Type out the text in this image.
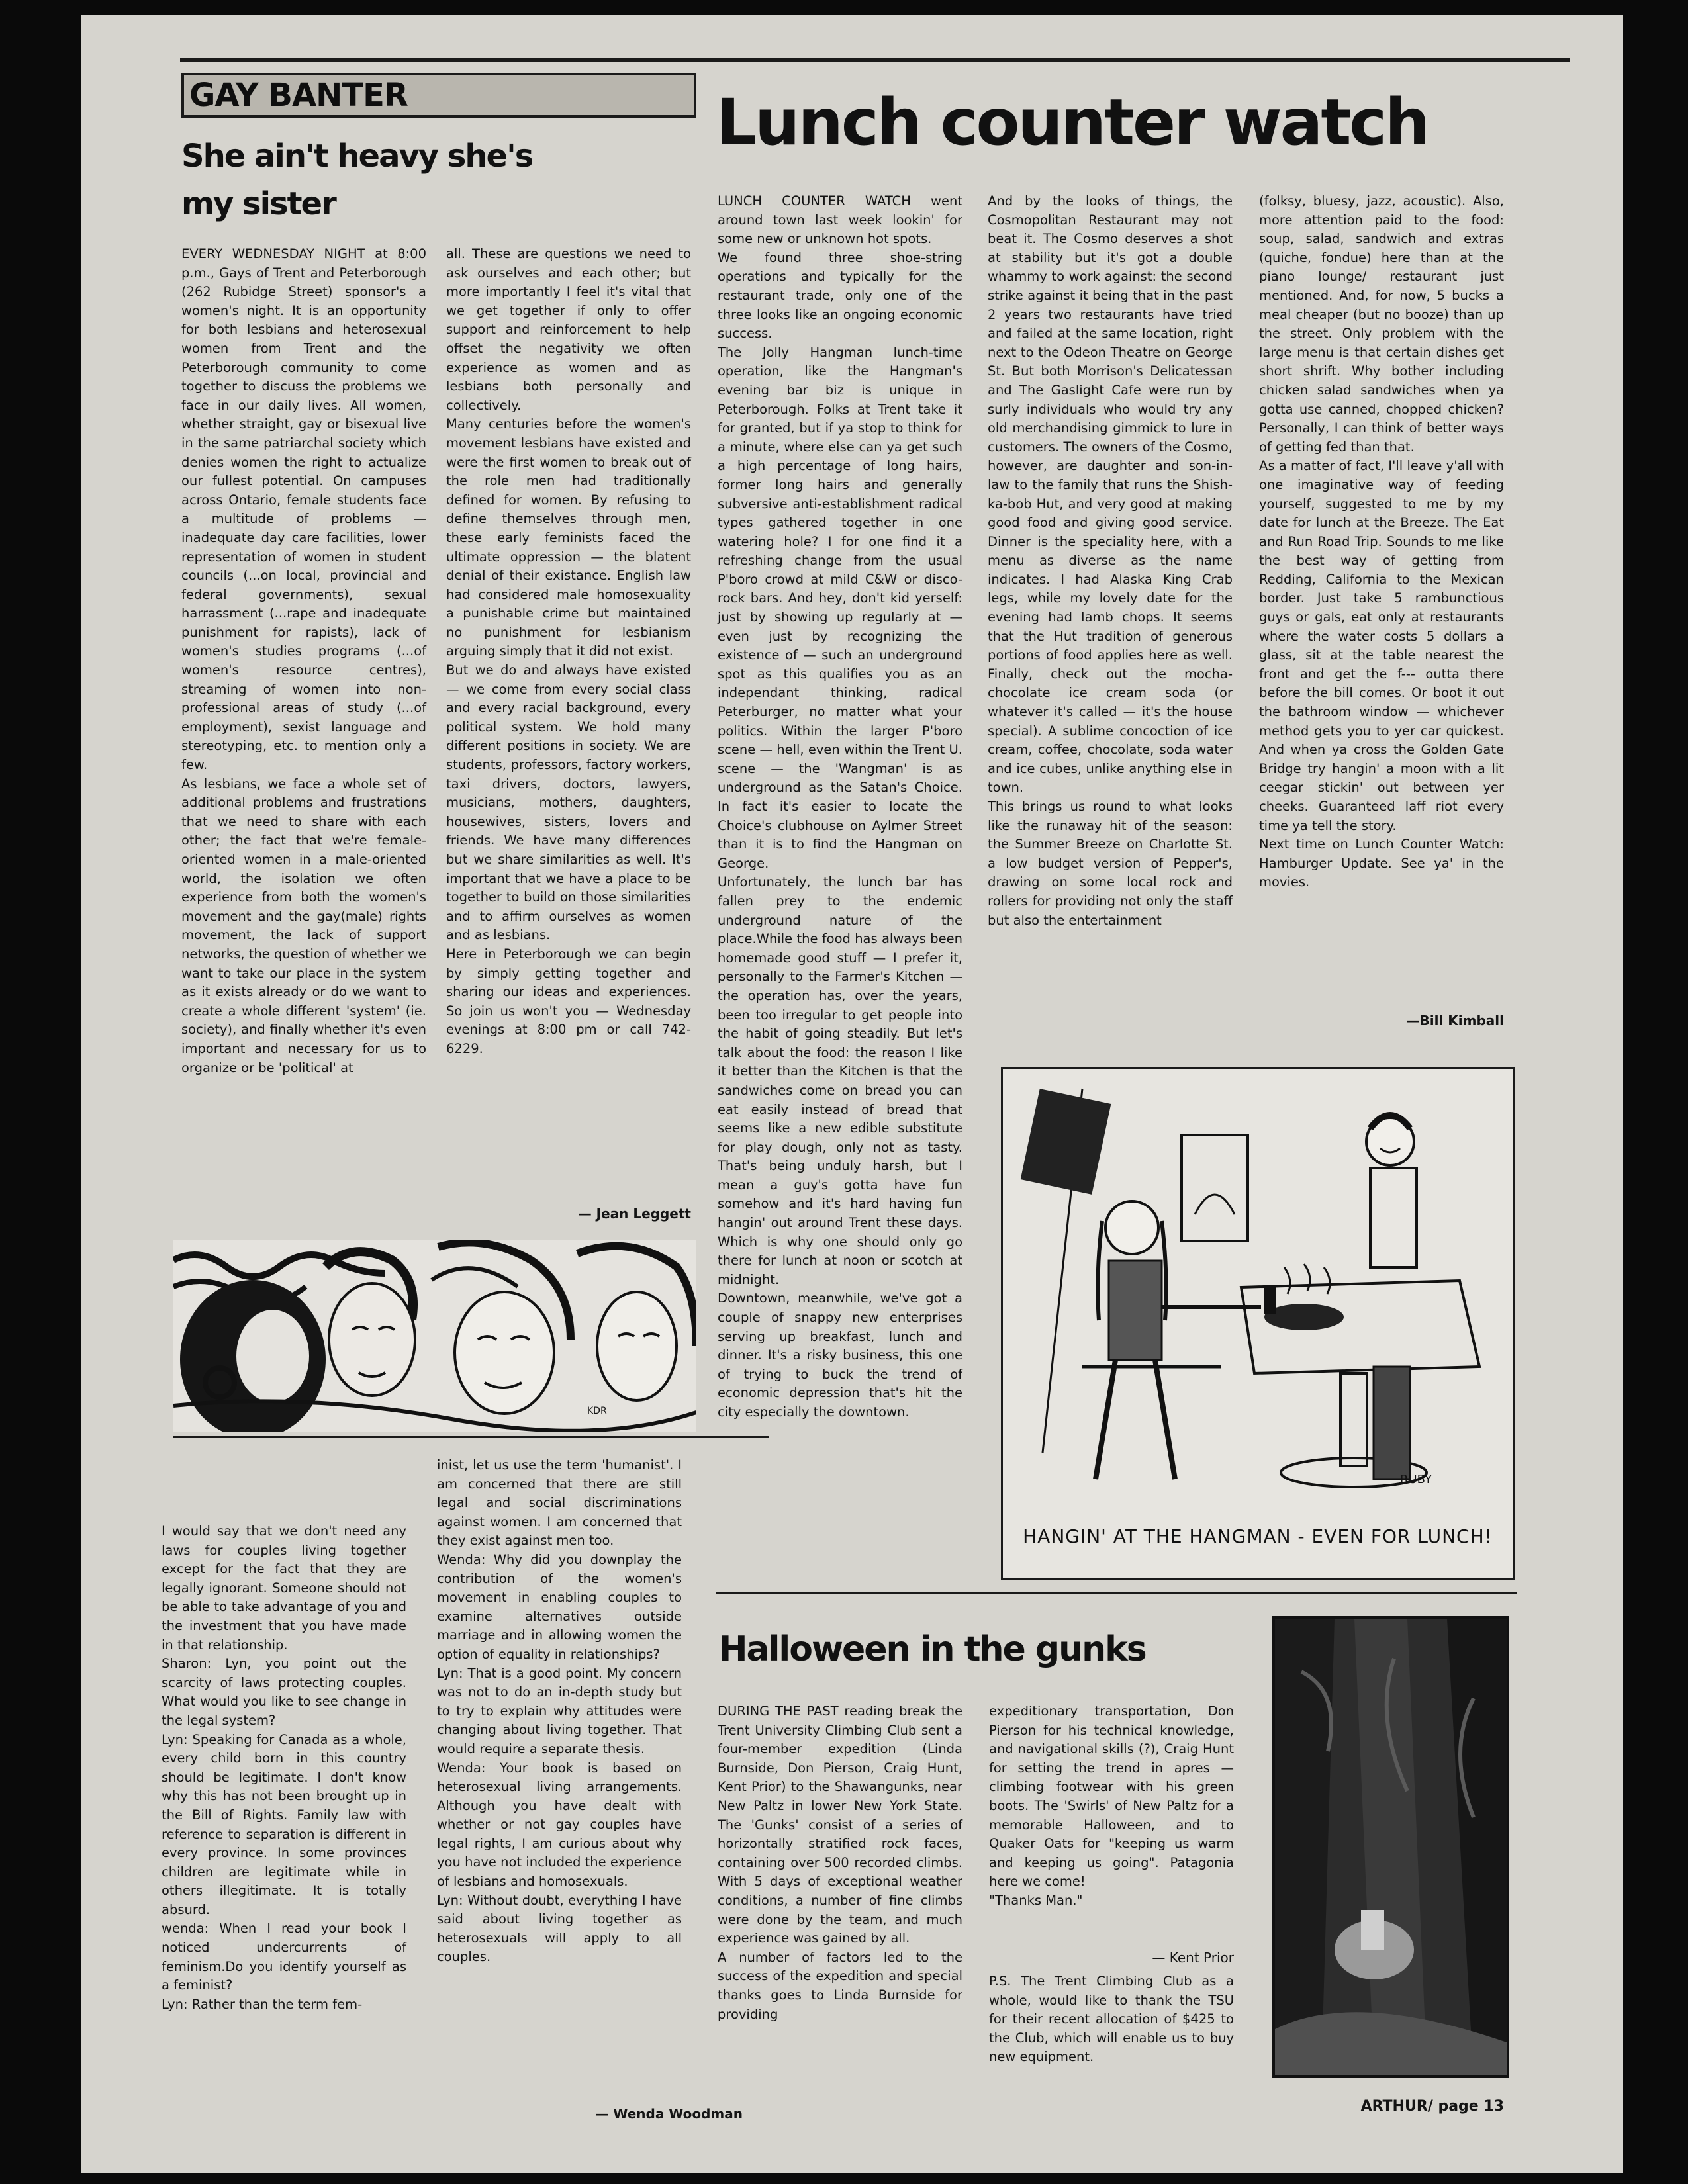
GAY BANTER
She ain't heavy she's my sister
EVERY WEDNESDAY NIGHT at 8:00 p.m., Gays of Trent and Peterborough (262 Rubidge Street) sponsor's a women's night. It is an opportunity for both lesbians and heterosexual women from Trent and the Peterborough community to come together to discuss the problems we face in our daily lives. All women, whether straight, gay or bisexual live in the same patriarchal society which denies women the right to actualize our fullest potential. On campuses across Ontario, female students face a multitude of problems — inadequate day care facilities, lower representation of women in student councils (...on local, provincial and federal governments), sexual harrassment (...rape and inadequate punishment for rapists), lack of women's studies programs (...of women's resource centres), streaming of women into non-professional areas of study (...of employment), sexist language and stereotyping, etc. to mention only a few.
As lesbians, we face a whole set of additional problems and frustrations that we need to share with each other; the fact that we're female-oriented women in a male-oriented world, the isolation we often experience from both the women's movement and the gay(male) rights movement, the lack of support networks, the question of whether we want to take our place in the system as it exists already or do we want to create a whole different 'system' (ie. society), and finally whether it's even important and necessary for us to organize or be 'political' at
all. These are questions we need to ask ourselves and each other; but more importantly I feel it's vital that we get together if only to offer support and reinforcement to help offset the negativity we often experience as women and as lesbians both personally and collectively.
Many centuries before the women's movement lesbians have existed and were the first women to break out of the role men had traditionally defined for women. By refusing to define themselves through men, these early feminists faced the ultimate oppression — the blatent denial of their existance. English law had considered male homosexuality a punishable crime but maintained no punishment for lesbianism arguing simply that it did not exist.
But we do and always have existed — we come from every social class and every racial background, every political system. We hold many different positions in society. We are students, professors, factory workers, taxi drivers, doctors, lawyers, musicians, mothers, daughters, housewives, sisters, lovers and friends. We have many differences but we share similarities as well. It's important that we have a place to be together to build on those similarities and to affirm ourselves as women and as lesbians.
Here in Peterborough we can begin by simply getting together and sharing our ideas and experiences. So join us won't you — Wednesday evenings at 8:00 pm or call 742-6229.
— Jean Leggett
KDR
I would say that we don't need any laws for couples living together except for the fact that they are legally ignorant. Someone should not be able to take advantage of you and the investment that you have made in that relationship.
Sharon: Lyn, you point out the scarcity of laws protecting couples. What would you like to see change in the legal system?
Lyn: Speaking for Canada as a whole, every child born in this country should be legitimate. I don't know why this has not been brought up in the Bill of Rights. Family law with reference to separation is different in every province. In some provinces children are legitimate while in others illegitimate. It is totally absurd.
wenda: When I read your book I noticed undercurrents of feminism.Do you identify yourself as a feminist?
Lyn: Rather than the term fem-
inist, let us use the term 'humanist'. I am concerned that there are still legal and social discriminations against women. I am concerned that they exist against men too.
Wenda: Why did you downplay the contribution of the women's movement in enabling couples to examine alternatives outside marriage and in allowing women the option of equality in relationships?
Lyn: That is a good point. My concern was not to do an in-depth study but to try to explain why attitudes were changing about living together. That would require a separate thesis.
Wenda: Your book is based on heterosexual living arrangements. Although you have dealt with whether or not gay couples have legal rights, I am curious about why you have not included the experience of lesbians and homosexuals.
Lyn: Without doubt, everything I have said about living together as heterosexuals will apply to all couples.
— Wenda Woodman
Lunch counter watch
LUNCH COUNTER WATCH went around town last week lookin' for some new or unknown hot spots.
We found three shoe-string operations and typically for the restaurant trade, only one of the three looks like an ongoing economic success.
The Jolly Hangman lunch-time operation, like the Hangman's evening bar biz is unique in Peterborough. Folks at Trent take it for granted, but if ya stop to think for a minute, where else can ya get such a high percentage of long hairs, former long hairs and generally subversive anti-establishment radical types gathered together in one watering hole? I for one find it a refreshing change from the usual P'boro crowd at mild C&W or disco-rock bars. And hey, don't kid yerself: just by showing up regularly at — even just by recognizing the existence of — such an underground spot as this qualifies you as an independant thinking, radical Peterburger, no matter what your politics. Within the larger P'boro scene — hell, even within the Trent U. scene — the 'Wangman' is as underground as the Satan's Choice. In fact it's easier to locate the Choice's clubhouse on Aylmer Street than it is to find the Hangman on George.
Unfortunately, the lunch bar has fallen prey to the endemic underground nature of the place.While the food has always been homemade good stuff — I prefer it, personally to the Farmer's Kitchen — the operation has, over the years, been too irregular to get people into the habit of going steadily. But let's talk about the food: the reason I like it better than the Kitchen is that the sandwiches come on bread you can eat easily instead of bread that seems like a new edible substitute for play dough, only not as tasty. That's being unduly harsh, but I mean a guy's gotta have fun somehow and it's hard having fun hangin' out around Trent these days. Which is why one should only go there for lunch at noon or scotch at midnight.
Downtown, meanwhile, we've got a couple of snappy new enterprises serving up breakfast, lunch and dinner. It's a risky business, this one of trying to buck the trend of economic depression that's hit the city especially the downtown.
And by the looks of things, the Cosmopolitan Restaurant may not beat it. The Cosmo deserves a shot at stability but it's got a double whammy to work against: the second strike against it being that in the past 2 years two restaurants have tried and failed at the same location, right next to the Odeon Theatre on George St. But both Morrison's Delicatessan and The Gaslight Cafe were run by surly individuals who would try any old merchandising gimmick to lure in customers. The owners of the Cosmo, however, are daughter and son-in-law to the family that runs the Shish-ka-bob Hut, and very good at making good food and giving good service. Dinner is the speciality here, with a menu as diverse as the name indicates. I had Alaska King Crab legs, while my lovely date for the evening had lamb chops. It seems that the Hut tradition of generous portions of food applies here as well. Finally, check out the mocha-chocolate ice cream soda (or whatever it's called — it's the house special). A sublime concoction of ice cream, coffee, chocolate, soda water and ice cubes, unlike anything else in town.
This brings us round to what looks like the runaway hit of the season: the Summer Breeze on Charlotte St. a low budget version of Pepper's, drawing on some local rock and rollers for providing not only the staff but also the entertainment
(folksy, bluesy, jazz, acoustic). Also, more attention paid to the food: soup, salad, sandwich and extras (quiche, fondue) here than at the piano lounge/ restaurant just mentioned. And, for now, 5 bucks a meal cheaper (but no booze) than up the street. Only problem with the large menu is that certain dishes get short shrift. Why bother including chicken salad sandwiches when ya gotta use canned, chopped chicken? Personally, I can think of better ways of getting fed than that.
As a matter of fact, I'll leave y'all with one imaginative way of feeding yourself, suggested to me by my date for lunch at the Breeze. The Eat and Run Road Trip. Sounds to me like the best way of getting from Redding, California to the Mexican border. Just take 5 rambunctious guys or gals, eat only at restaurants where the water costs 5 dollars a glass, sit at the table nearest the front and get the f--- outta there before the bill comes. Or boot it out the bathroom window — whichever method gets you to yer car quickest. And when ya cross the Golden Gate Bridge try hangin' a moon with a lit ceegar stickin' out between yer cheeks. Guaranteed laff riot every time ya tell the story.
Next time on Lunch Counter Watch: Hamburger Update. See ya' in the movies.
—Bill Kimball
RUBY
HANGIN' AT THE HANGMAN - EVEN FOR LUNCH!
Halloween in the gunks
DURING THE PAST reading break the Trent University Climbing Club sent a four-member expedition (Linda Burnside, Don Pierson, Craig Hunt, Kent Prior) to the Shawangunks, near New Paltz in lower New York State. The 'Gunks' consist of a series of horizontally stratified rock faces, containing over 500 recorded climbs. With 5 days of exceptional weather conditions, a number of fine climbs were done by the team, and much experience was gained by all.
A number of factors led to the success of the expedition and special thanks goes to Linda Burnside for providing
expeditionary transportation, Don Pierson for his technical knowledge, and navigational skills (?), Craig Hunt for setting the trend in apres — climbing footwear with his green boots. The 'Swirls' of New Paltz for a memorable Halloween, and to Quaker Oats for "keeping us warm and keeping us going". Patagonia here we come!
"Thanks Man."
— Kent Prior
P.S. The Trent Climbing Club as a whole, would like to thank the TSU for their recent allocation of $425 to the Club, which will enable us to buy new equipment.
ARTHUR/ page 13
